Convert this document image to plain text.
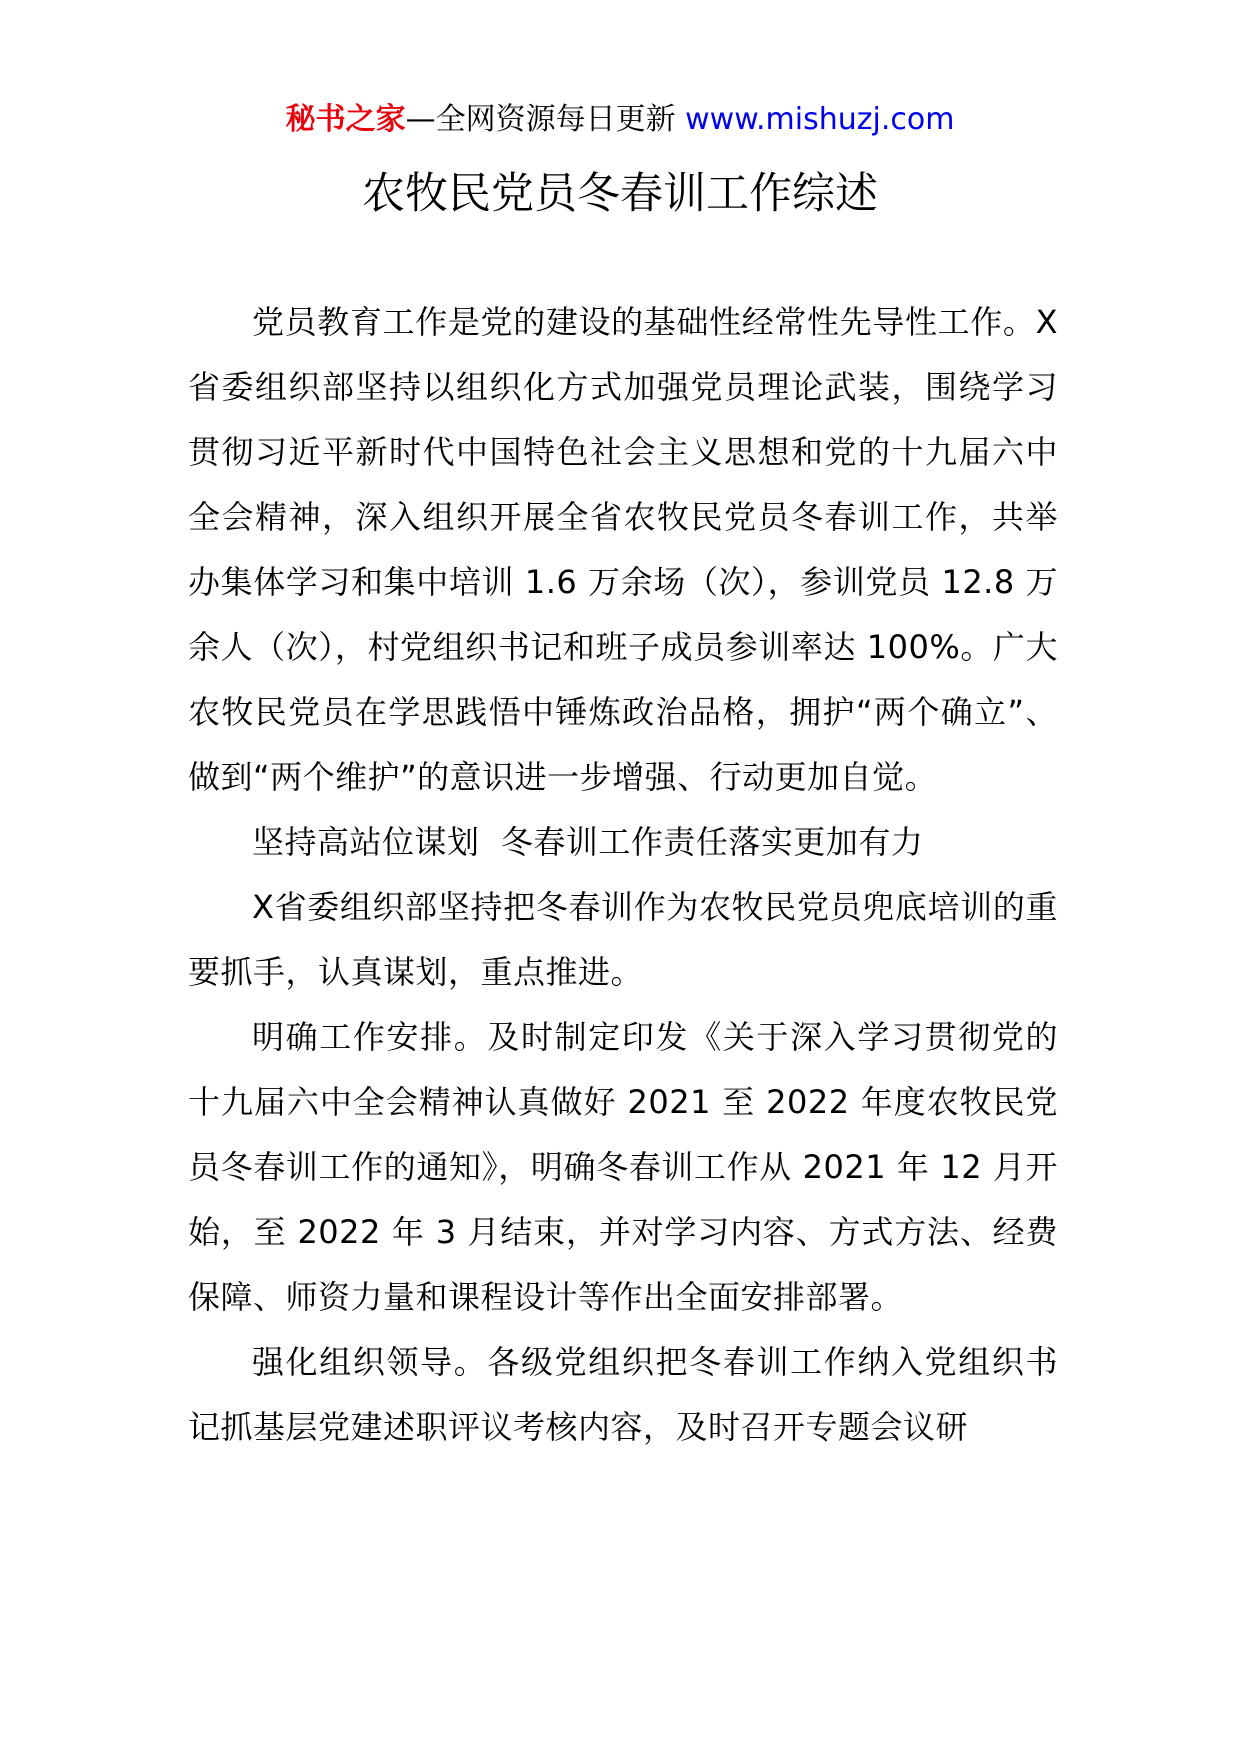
秘书之家—全网资源每日更新 www.mishuzj.com
农牧民党员冬春训工作综述

党员教育工作是党的建设的基础性经常性先导性工作。X省委组织部坚持以组织化方式加强党员理论武装，围绕学习贯彻习近平新时代中国特色社会主义思想和党的十九届六中全会精神，深入组织开展全省农牧民党员冬春训工作，共举办集体学习和集中培训 1.6 万余场（次），参训党员 12.8 万余人（次），村党组织书记和班子成员参训率达 100%。广大农牧民党员在学思践悟中锤炼政治品格，拥护“两个确立”、做到“两个维护”的意识进一步增强、行动更加自觉。

坚持高站位谋划  冬春训工作责任落实更加有力

X省委组织部坚持把冬春训作为农牧民党员兜底培训的重要抓手，认真谋划，重点推进。

明确工作安排。及时制定印发《关于深入学习贯彻党的十九届六中全会精神认真做好 2021 至 2022 年度农牧民党员冬春训工作的通知》，明确冬春训工作从 2021 年 12 月开始，至 2022 年 3 月结束，并对学习内容、方式方法、经费保障、师资力量和课程设计等作出全面安排部署。

强化组织领导。各级党组织把冬春训工作纳入党组织书记抓基层党建述职评议考核内容，及时召开专题会议研
